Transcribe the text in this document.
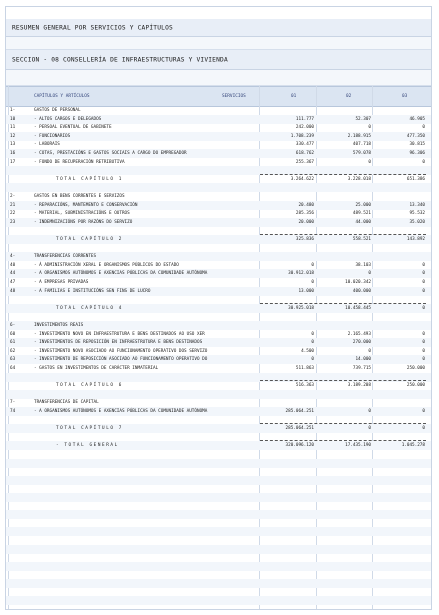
RESUMEN GENERAL POR SERVICIOS Y CAPÍTULOS
SECCION - 08 CONSELLERÍA DE INFRAESTRUCTURAS Y VIVIENDA
CAPÍTULOS Y ARTÍCULOS	SERVICIOS	01	02	03
1-	GASTOS DE PERSONAL
10	- ALTOS CARGOS E DELEGADOS	111.777	52.307	46.905
11	- PERSOAL EVENTUAL DE GABINETE	242.000	0	0
12	- FUNCIONARIOS	1.708.239	2.188.915	477.350
13	- LABORAIS	330.477	407.718	30.815
16	- COTAS, PRESTACIÓNS E GASTOS SOCIAIS A CARGO DO EMPREGADOR	618.762	579.078	96.306
17	- FONDO DE RECUPERACIÓN RETRIBUTIVA	255.367	0	0
TOTAL CAPÍTULO 1	3.264.622	3.228.018	651.386
2-	GASTOS EN BENS CORRENTES E SERVIZOS
21	- REPARACIÓNS, MANTEMENTO E CONSERVACIÓN	20.480	25.000	13.340
22	- MATERIAL, SUBMINISTRACIÓNS E OUTROS	285.356	489.521	95.532
23	- INDEMNIZACIÓNS POR RAZÓNS DO SERVIZO	20.000	44.000	35.020
TOTAL CAPÍTULO 2	325.836	558.521	143.892
4-	TRANSFERENCIAS CORRENTES
40	- Á ADMINISTRACIÓN XERAL E ORGANISMOS PÚBLICOS DO ESTADO	0	38.103	0
44	- A ORGANISMOS AUTÓNOMOS E AXENCIAS PÚBLICAS DA COMUNIDADE AUTÓNOMA	30.912.018	0	0
47	- A EMPRESAS PRIVADAS	0	10.020.342	0
48	- A FAMILIAS E INSTITUCIÓNS SEN FINS DE LUCRO	13.000	400.000	0
TOTAL CAPÍTULO 4	30.925.018	10.458.445	0
6-	INVESTIMENTOS REAIS
60	- INVESTIMENTO NOVO EN INFRAESTRUTURA E BENS DESTINADOS AO USO XER	0	2.165.493	0
61	- INVESTIMENTOS DE REPOSICIÓN EN INFRAESTRUTURA E BENS DESTINADOS	0	270.000	0
62	- INVESTIMENTO NOVO ASOCIADO AO FUNCIONAMENTO OPERATIVO DOS SERVIZO	4.500	0	0
63	- INVESTIMENTO DE REPOSICIÓN ASOCIADO AO FUNCIONAMENTO OPERATIVO DO	0	14.000	0
64	- GASTOS EN INVESTIMENTOS DE CARÁCTER INMATERIAL	511.863	739.715	250.000
TOTAL CAPÍTULO 6	516.363	3.189.208	250.000
7-	TRANSFERENCIAS DE CAPITAL
74	- A ORGANISMOS AUTÓNOMOS E AXENCIAS PÚBLICAS DA COMUNIDADE AUTÓNOMA	285.064.251	0	0
TOTAL CAPÍTULO 7	285.064.251	0	0
- TOTAL GENERAL	320.096.120	17.435.190	1.045.278
